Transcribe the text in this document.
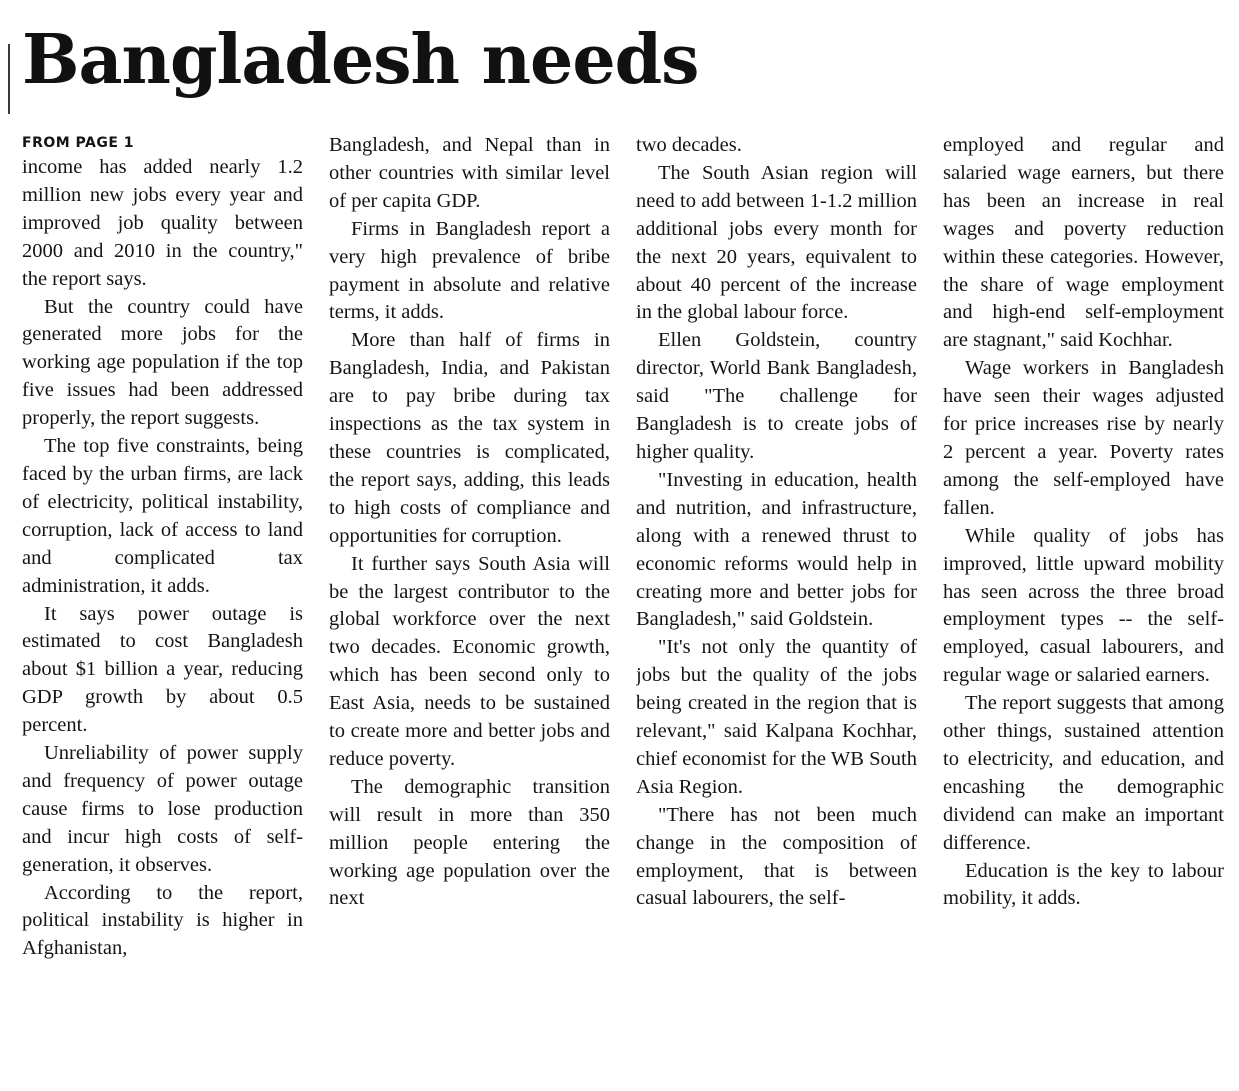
Bangladesh needs
FROM PAGE 1

income has added nearly 1.2 million new jobs every year and improved job quality between 2000 and 2010 in the country," the report says.

But the country could have generated more jobs for the working age population if the top five issues had been addressed properly, the report suggests.

The top five constraints, being faced by the urban firms, are lack of electricity, political instability, corruption, lack of access to land and complicated tax administration, it adds.

It says power outage is estimated to cost Bangladesh about $1 billion a year, reducing GDP growth by about 0.5 percent.

Unreliability of power supply and frequency of power outage cause firms to lose production and incur high costs of self-generation, it observes.

According to the report, political instability is higher in Afghanistan,

Bangladesh, and Nepal than in other countries with similar level of per capita GDP.

Firms in Bangladesh report a very high prevalence of bribe payment in absolute and relative terms, it adds.

More than half of firms in Bangladesh, India, and Pakistan are to pay bribe during tax inspections as the tax system in these countries is complicated, the report says, adding, this leads to high costs of compliance and opportunities for corruption.

It further says South Asia will be the largest contributor to the global workforce over the next two decades. Economic growth, which has been second only to East Asia, needs to be sustained to create more and better jobs and reduce poverty.

The demographic transition will result in more than 350 million people entering the working age population over the next

two decades.

The South Asian region will need to add between 1-1.2 million additional jobs every month for the next 20 years, equivalent to about 40 percent of the increase in the global labour force.

Ellen Goldstein, country director, World Bank Bangladesh, said "The challenge for Bangladesh is to create jobs of higher quality.

"Investing in education, health and nutrition, and infrastructure, along with a renewed thrust to economic reforms would help in creating more and better jobs for Bangladesh," said Goldstein.

"It's not only the quantity of jobs but the quality of the jobs being created in the region that is relevant," said Kalpana Kochhar, chief economist for the WB South Asia Region.

"There has not been much change in the composition of employment, that is between casual labourers, the self-

employed and regular and salaried wage earners, but there has been an increase in real wages and poverty reduction within these categories. However, the share of wage employment and high-end self-employment are stagnant," said Kochhar.

Wage workers in Bangladesh have seen their wages adjusted for price increases rise by nearly 2 percent a year. Poverty rates among the self-employed have fallen.

While quality of jobs has improved, little upward mobility has seen across the three broad employment types -- the self-employed, casual labourers, and regular wage or salaried earners.

The report suggests that among other things, sustained attention to electricity, and education, and encashing the demographic dividend can make an important difference.

Education is the key to labour mobility, it adds.
